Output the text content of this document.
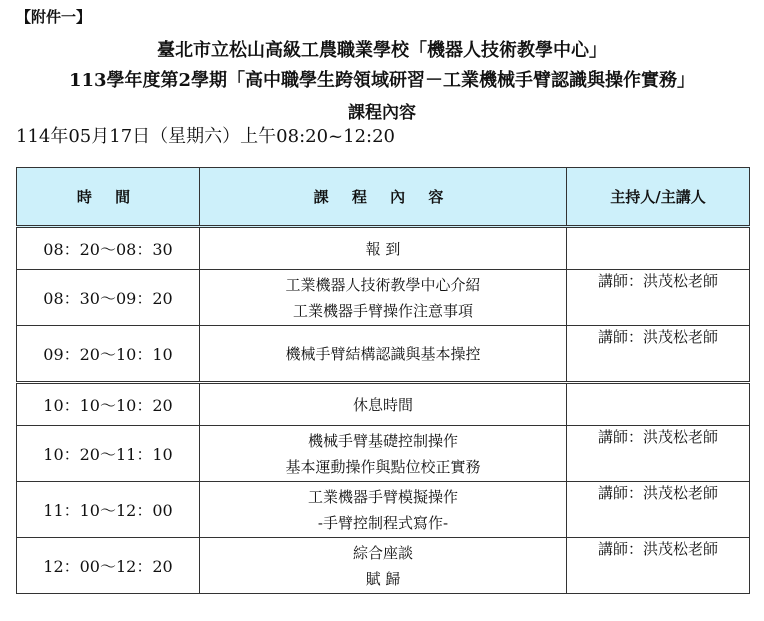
【附件一】
臺北市立松山高級工農職業學校「機器人技術教學中心」
113學年度第2學期「高中職學生跨領域研習－工業機械手臂認識與操作實務」
課程內容
114年05月17日（星期六）上午08:20~12:20
時 間	課 程 內 容	主持人/主講人
08：20～08：30	報 到	

08：30～09：20	工業機器人技術教學中心介紹
工業機器手臂操作注意事項	講師：洪茂松老師
09：20～10：10	機械手臂結構認識與基本操控	講師：洪茂松老師
10：10～10：20	休息時間	

10：20～11：10	機械手臂基礎控制操作
基本運動操作與點位校正實務	講師：洪茂松老師
11：10～12：00	工業機器手臂模擬操作
-手臂控制程式寫作-	講師：洪茂松老師
12：00～12：20	綜合座談
賦 歸	講師：洪茂松老師
